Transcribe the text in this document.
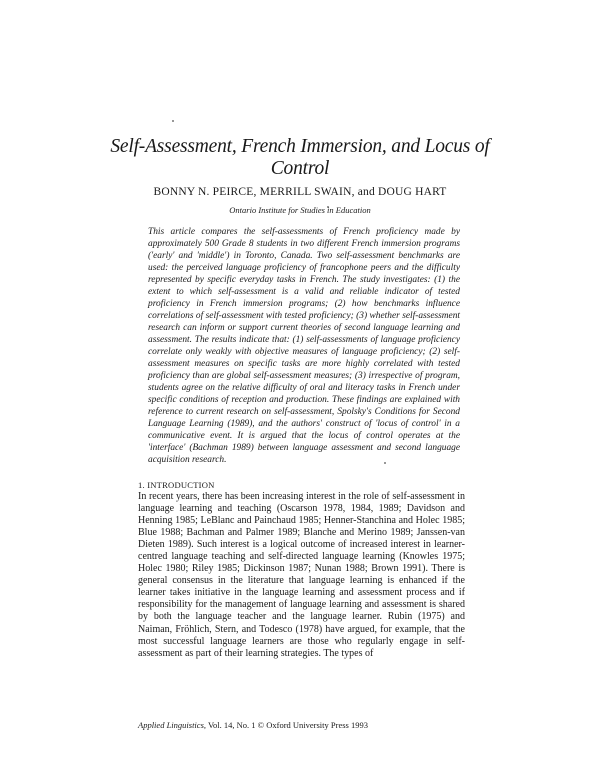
Self-Assessment, French Immersion, and Locus of Control
BONNY N. PEIRCE, MERRILL SWAIN, and DOUG HART
Ontario Institute for Studies in Education

This article compares the self-assessments of French proficiency made by approximately 500 Grade 8 students in two different French immersion programs ('early' and 'middle') in Toronto, Canada. Two self-assessment benchmarks are used: the perceived language proficiency of francophone peers and the difficulty represented by specific everyday tasks in French. The study investigates: (1) the extent to which self-assessment is a valid and reliable indicator of tested proficiency in French immersion programs; (2) how benchmarks influence correlations of self-assessment with tested proficiency; (3) whether self-assessment research can inform or support current theories of second language learning and assessment. The results indicate that: (1) self-assessments of language proficiency correlate only weakly with objective measures of language proficiency; (2) self-assessment measures on specific tasks are more highly correlated with tested proficiency than are global self-assessment measures; (3) irrespective of program, students agree on the relative difficulty of oral and literacy tasks in French under specific conditions of reception and production. These findings are explained with reference to current research on self-assessment, Spolsky's Conditions for Second Language Learning (1989), and the authors' construct of 'locus of control' in a communicative event. It is argued that the locus of control operates at the 'interface' (Bachman 1989) between language assessment and second language acquisition research.

1. INTRODUCTION

In recent years, there has been increasing interest in the role of self-assessment in language learning and teaching (Oscarson 1978, 1984, 1989; Davidson and Henning 1985; LeBlanc and Painchaud 1985; Henner-Stanchina and Holec 1985; Blue 1988; Bachman and Palmer 1989; Blanche and Merino 1989; Janssen-van Dieten 1989). Such interest is a logical outcome of increased interest in learner-centred language teaching and self-directed language learning (Knowles 1975; Holec 1980; Riley 1985; Dickinson 1987; Nunan 1988; Brown 1991). There is general consensus in the literature that language learning is enhanced if the learner takes initiative in the language learning and assessment process and if responsibility for the management of language learning and assessment is shared by both the language teacher and the language learner. Rubin (1975) and Naiman, Fröhlich, Stern, and Todesco (1978) have argued, for example, that the most successful language learners are those who regularly engage in self-assessment as part of their learning strategies. The types of

Applied Linguistics, Vol. 14, No. 1 © Oxford University Press 1993
